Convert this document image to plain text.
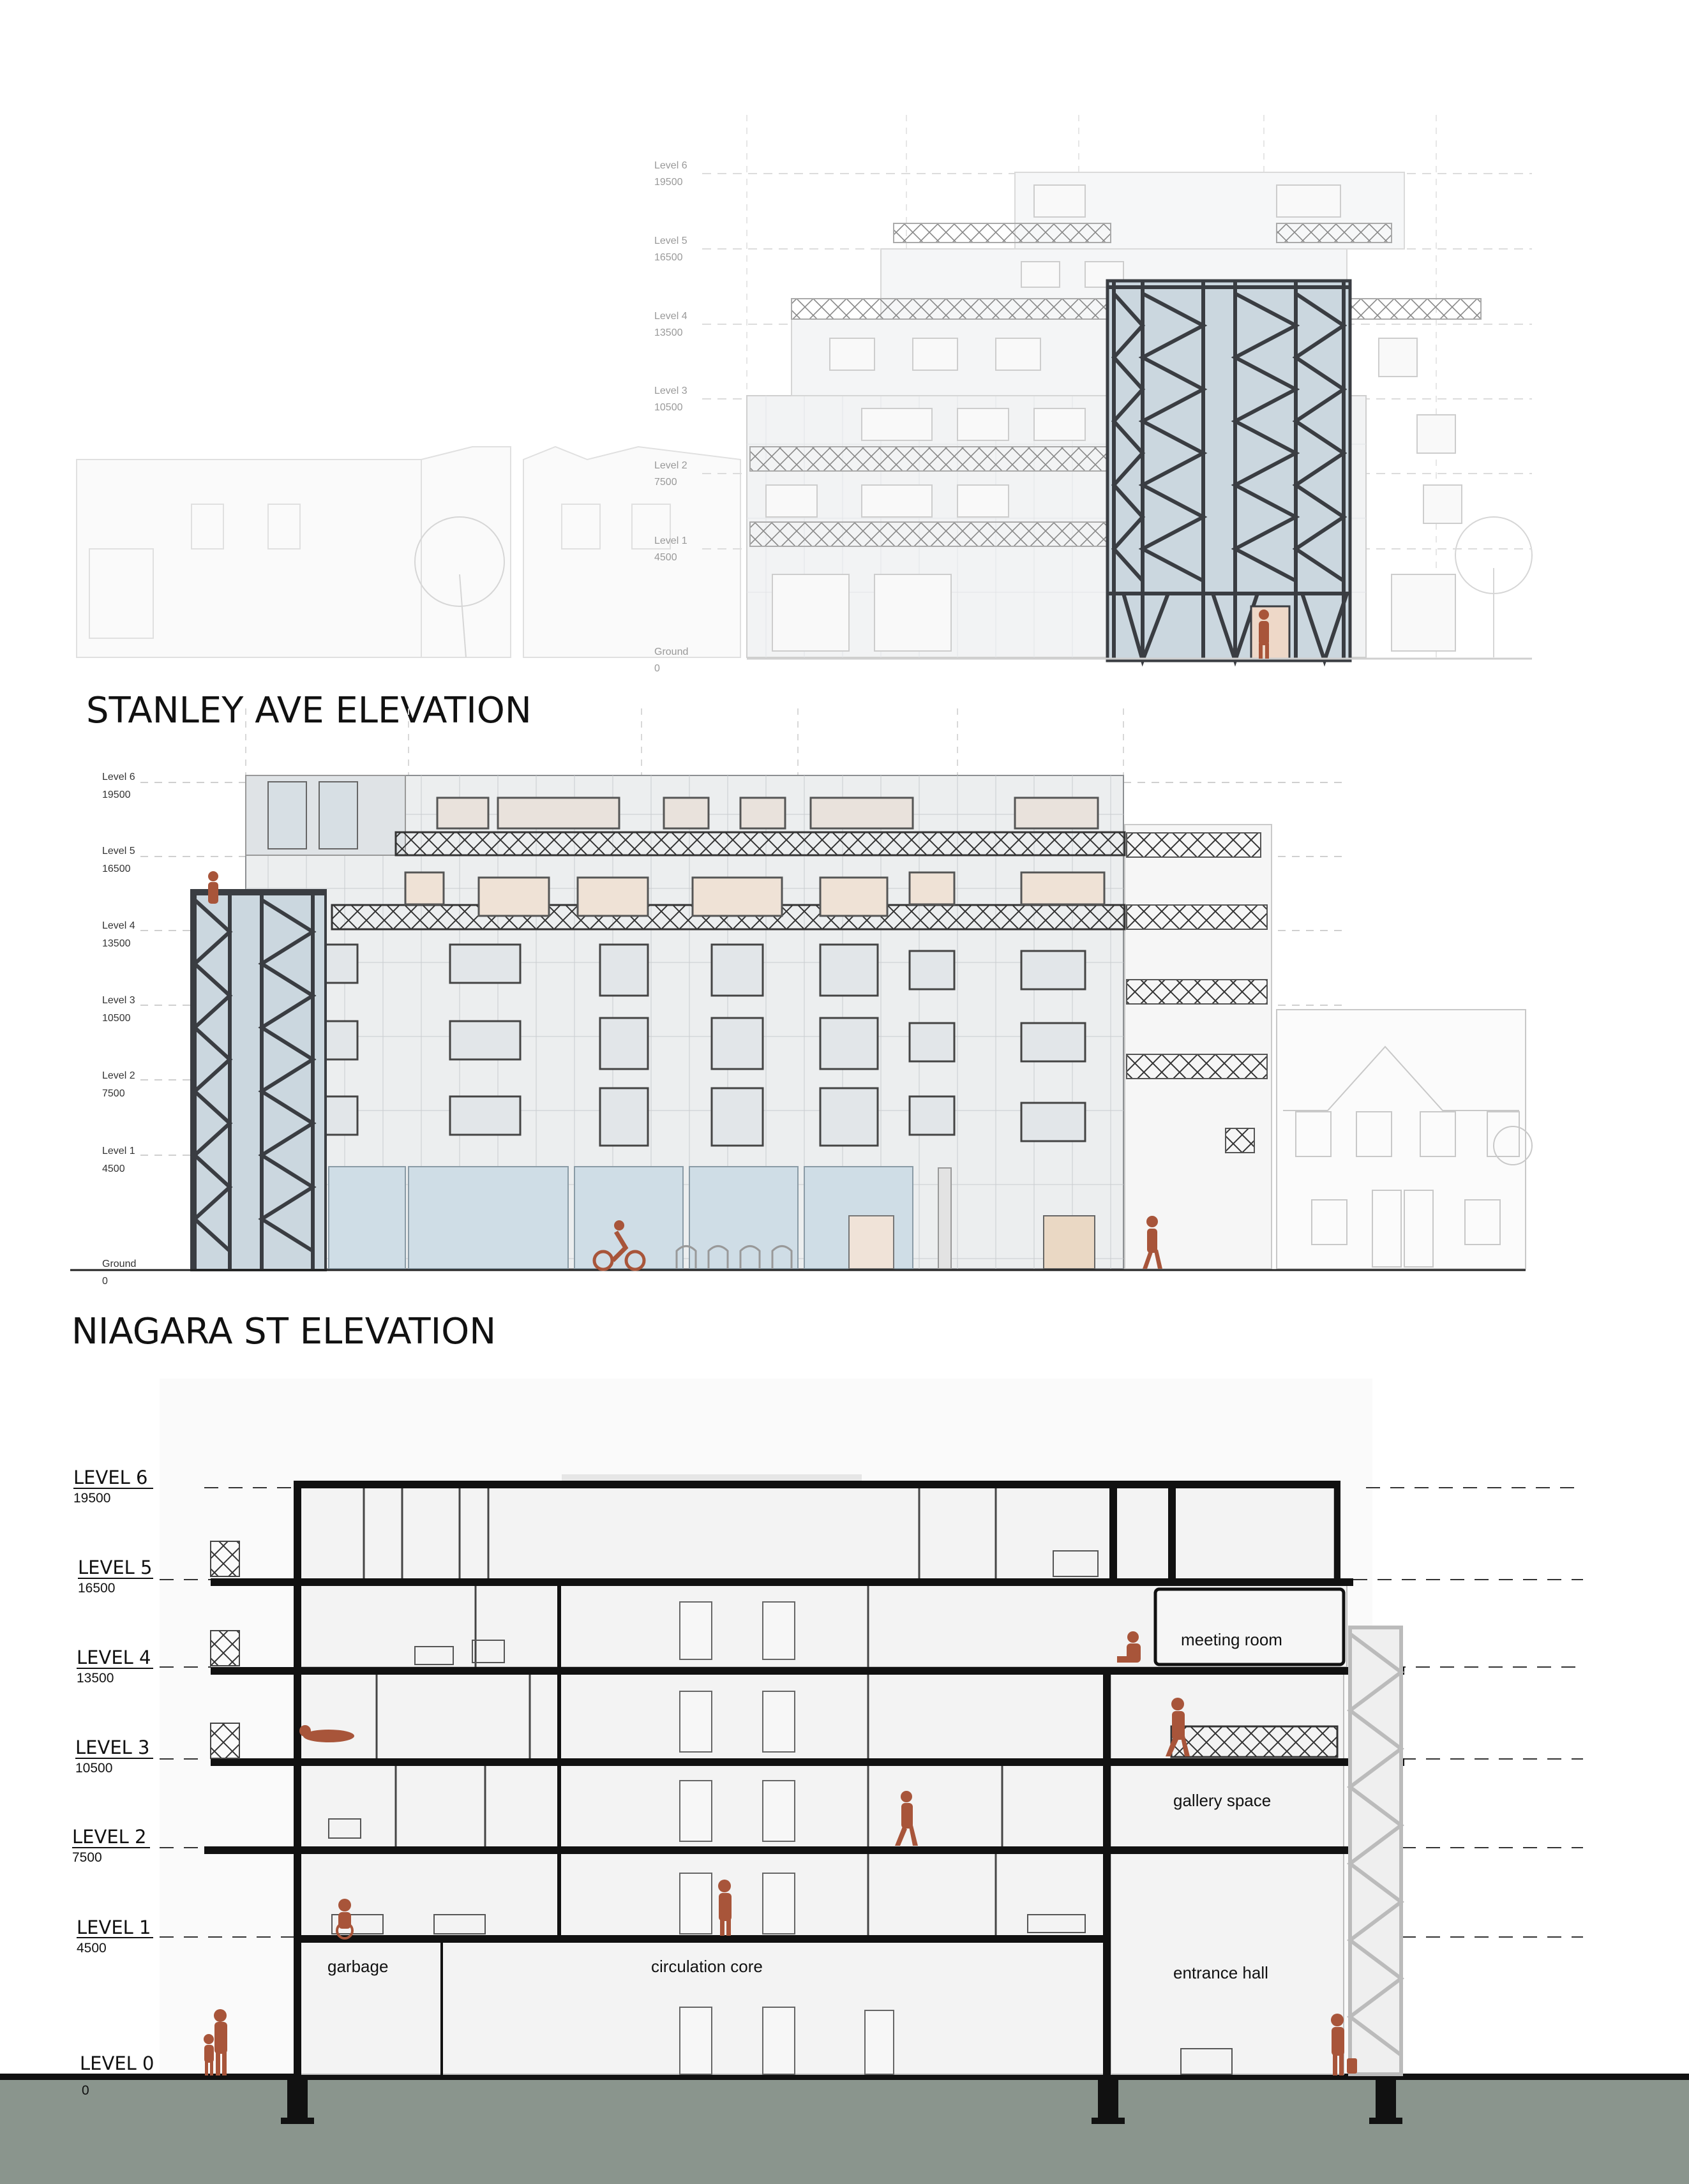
Level 6
19500
Level 5
16500
Level 4
13500
Level 3
10500
Level 2
7500
Level 1
4500
Ground
0
STANLEY AVE ELEVATION
Level 6
19500
Level 5
16500
Level 4
13500
Level 3
10500
Level 2
7500
Level 1
4500
Ground
0
NIAGARA ST ELEVATION
meeting room
gallery space
garbage	circulation core	entrance hall
LEVEL 6
19500
LEVEL 5
16500
LEVEL 4
13500
LEVEL 3
10500
LEVEL 2
7500
LEVEL 1
4500
LEVEL 0
0
